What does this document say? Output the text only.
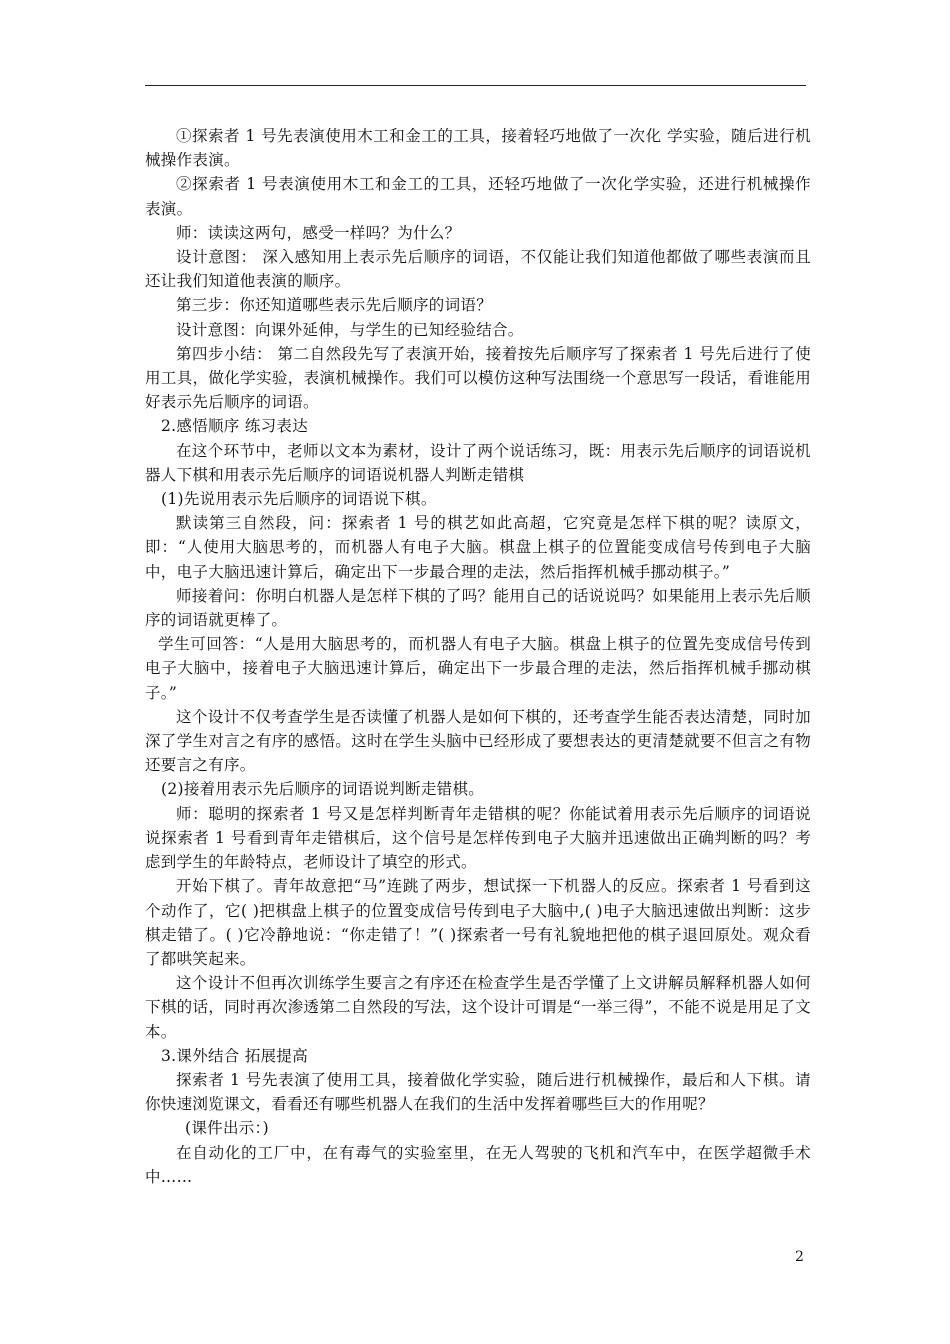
①探索者 1 号先表演使用木工和金工的工具，接着轻巧地做了一次化 学实验，随后进行机械操作表演。

②探索者 1 号表演使用木工和金工的工具，还轻巧地做了一次化学实验，还进行机械操作表演。

师：读读这两句，感受一样吗？为什么？

设计意图： 深入感知用上表示先后顺序的词语，不仅能让我们知道他都做了哪些表演而且还让我们知道他表演的顺序。

第三步：你还知道哪些表示先后顺序的词语？

设计意图：向课外延伸，与学生的已知经验结合。

第四步小结： 第二自然段先写了表演开始，接着按先后顺序写了探索者 1 号先后进行了使用工具，做化学实验，表演机械操作。我们可以模仿这种写法围绕一个意思写一段话，看谁能用好表示先后顺序的词语。

2.感悟顺序 练习表达

在这个环节中，老师以文本为素材，设计了两个说话练习，既：用表示先后顺序的词语说机器人下棋和用表示先后顺序的词语说机器人判断走错棋

(1)先说用表示先后顺序的词语说下棋。

默读第三自然段，问：探索者 1 号的棋艺如此高超，它究竟是怎样下棋的呢？读原文，即：“人使用大脑思考的，而机器人有电子大脑。棋盘上棋子的位置能变成信号传到电子大脑中，电子大脑迅速计算后，确定出下一步最合理的走法，然后指挥机械手挪动棋子。”

师接着问：你明白机器人是怎样下棋的了吗？能用自己的话说说吗？如果能用上表示先后顺序的词语就更棒了。

学生可回答：“人是用大脑思考的，而机器人有电子大脑。棋盘上棋子的位置先变成信号传到电子大脑中，接着电子大脑迅速计算后，确定出下一步最合理的走法，然后指挥机械手挪动棋子。”

这个设计不仅考查学生是否读懂了机器人是如何下棋的，还考查学生能否表达清楚，同时加深了学生对言之有序的感悟。这时在学生头脑中已经形成了要想表达的更清楚就要不但言之有物还要言之有序。

(2)接着用表示先后顺序的词语说判断走错棋。

师：聪明的探索者 1 号又是怎样判断青年走错棋的呢？你能试着用表示先后顺序的词语说说探索者 1 号看到青年走错棋后，这个信号是怎样传到电子大脑并迅速做出正确判断的吗？考虑到学生的年龄特点，老师设计了填空的形式。

开始下棋了。青年故意把“马”连跳了两步，想试探一下机器人的反应。探索者 1 号看到这个动作了，它( )把棋盘上棋子的位置变成信号传到电子大脑中,( )电子大脑迅速做出判断：这步棋走错了。( )它冷静地说：“你走错了！”( )探索者一号有礼貌地把他的棋子退回原处。观众看了都哄笑起来。

这个设计不但再次训练学生要言之有序还在检查学生是否学懂了上文讲解员解释机器人如何下棋的话，同时再次渗透第二自然段的写法，这个设计可谓是“一举三得”，不能不说是用足了文本。

3.课外结合 拓展提高

探索者 1 号先表演了使用工具，接着做化学实验，随后进行机械操作，最后和人下棋。请你快速浏览课文，看看还有哪些机器人在我们的生活中发挥着哪些巨大的作用呢？

(课件出示：)

在自动化的工厂中，在有毒气的实验室里，在无人驾驶的飞机和汽车中，在医学超微手术中……

2
